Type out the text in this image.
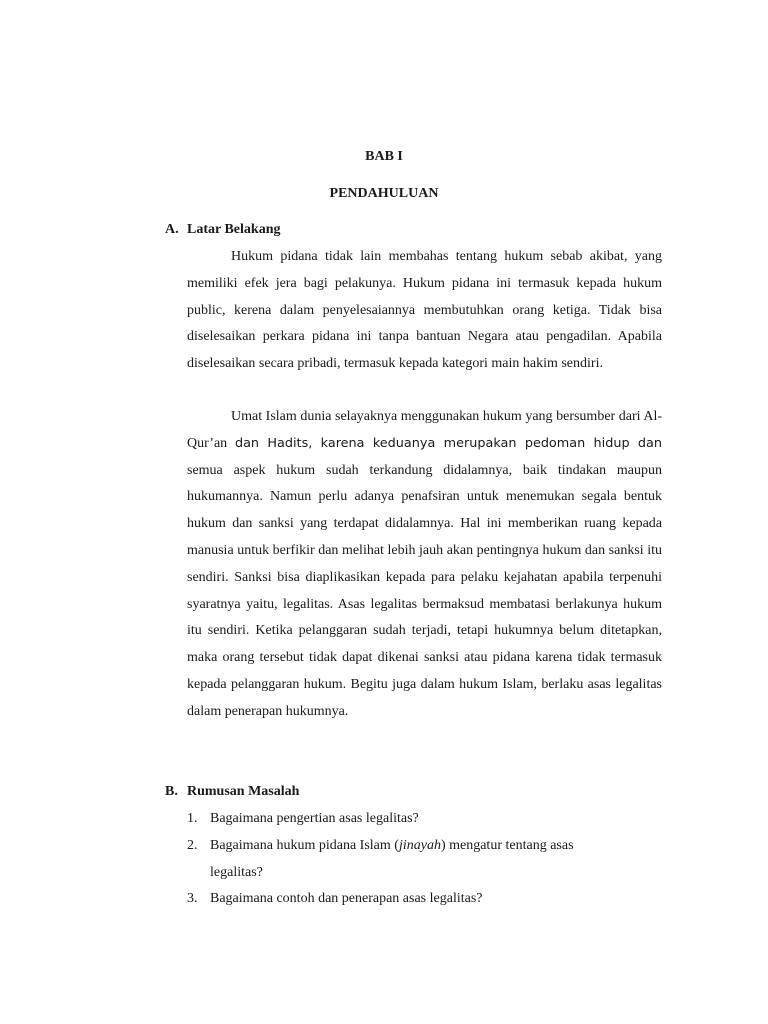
BAB I
PENDAHULUAN
A. Latar Belakang

Hukum pidana tidak lain membahas tentang hukum sebab akibat, yang memiliki efek jera bagi pelakunya. Hukum pidana ini termasuk kepada hukum public, kerena dalam penyelesaiannya membutuhkan orang ketiga. Tidak bisa diselesaikan perkara pidana ini tanpa bantuan Negara atau pengadilan. Apabila diselesaikan secara pribadi, termasuk kepada kategori main hakim sendiri.

Umat Islam dunia selayaknya menggunakan hukum yang bersumber dari Al-Qur’an dan Hadits, karena keduanya merupakan pedoman hidup dan semua aspek hukum sudah terkandung didalamnya, baik tindakan maupun hukumannya. Namun perlu adanya penafsiran untuk menemukan segala bentuk hukum dan sanksi yang terdapat didalamnya. Hal ini memberikan ruang kepada manusia untuk berfikir dan melihat lebih jauh akan pentingnya hukum dan sanksi itu sendiri. Sanksi bisa diaplikasikan kepada para pelaku kejahatan apabila terpenuhi syaratnya yaitu, legalitas. Asas legalitas bermaksud membatasi berlakunya hukum itu sendiri. Ketika pelanggaran sudah terjadi, tetapi hukumnya belum ditetapkan, maka orang tersebut tidak dapat dikenai sanksi atau pidana karena tidak termasuk kepada pelanggaran hukum. Begitu juga dalam hukum Islam, berlaku asas legalitas dalam penerapan hukumnya.

B. Rumusan Masalah
1. Bagaimana pengertian asas legalitas?
2. Bagaimana hukum pidana Islam (jinayah) mengatur tentang asas legalitas?
3. Bagaimana contoh dan penerapan asas legalitas?
